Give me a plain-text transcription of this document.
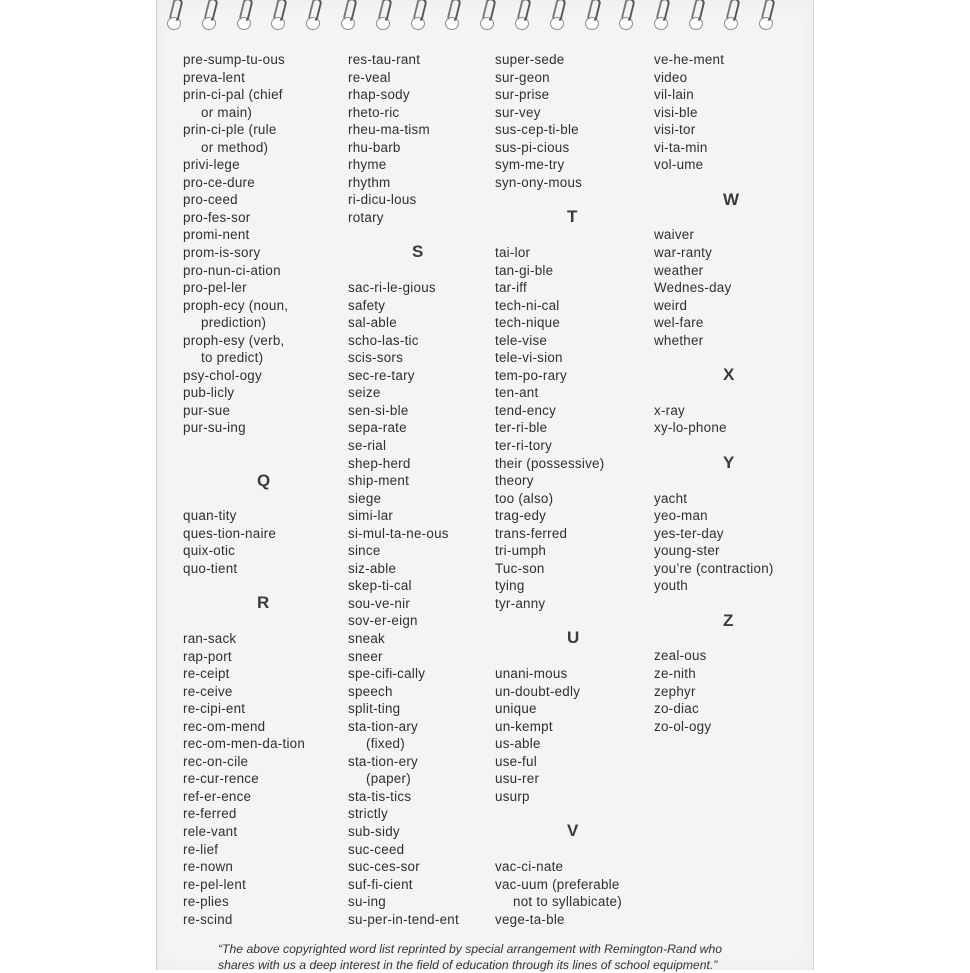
pre-sump-tu-ous
preva-lent
prin-ci-pal (chief
or main)
prin-ci-ple (rule
or method)
privi-lege
pro-ce-dure
pro-ceed
pro-fes-sor
promi-nent
prom-is-sory
pro-nun-ci-ation
pro-pel-ler
proph-ecy (noun,
prediction)
proph-esy (verb,
to predict)
psy-chol-ogy
pub-licly
pur-sue
pur-su-ing
Q
quan-tity
ques-tion-naire
quix-otic
quo-tient
R
ran-sack
rap-port
re-ceipt
re-ceive
re-cipi-ent
rec-om-mend
rec-om-men-da-tion
rec-on-cile
re-cur-rence
ref-er-ence
re-ferred
rele-vant
re-lief
re-nown
re-pel-lent
re-plies
re-scind
res-tau-rant
re-veal
rhap-sody
rheto-ric
rheu-ma-tism
rhu-barb
rhyme
rhythm
ri-dicu-lous
rotary
S
sac-ri-le-gious
safety
sal-able
scho-las-tic
scis-sors
sec-re-tary
seize
sen-si-ble
sepa-rate
se-rial
shep-herd
ship-ment
siege
simi-lar
si-mul-ta-ne-ous
since
siz-able
skep-ti-cal
sou-ve-nir
sov-er-eign
sneak
sneer
spe-cifi-cally
speech
split-ting
sta-tion-ary
(fixed)
sta-tion-ery
(paper)
sta-tis-tics
strictly
sub-sidy
suc-ceed
suc-ces-sor
suf-fi-cient
su-ing
su-per-in-tend-ent
super-sede
sur-geon
sur-prise
sur-vey
sus-cep-ti-ble
sus-pi-cious
sym-me-try
syn-ony-mous
T
tai-lor
tan-gi-ble
tar-iff
tech-ni-cal
tech-nique
tele-vise
tele-vi-sion
tem-po-rary
ten-ant
tend-ency
ter-ri-ble
ter-ri-tory
their (possessive)
theory
too (also)
trag-edy
trans-ferred
tri-umph
Tuc-son
tying
tyr-anny
U
unani-mous
un-doubt-edly
unique
un-kempt
us-able
use-ful
usu-rer
usurp
V
vac-ci-nate
vac-uum (preferable
not to syllabicate)
vege-ta-ble
ve-he-ment
video
vil-lain
visi-ble
visi-tor
vi-ta-min
vol-ume
W
waiver
war-ranty
weather
Wednes-day
weird
wel-fare
whether
X
x-ray
xy-lo-phone
Y
yacht
yeo-man
yes-ter-day
young-ster
you’re (contraction)
youth
Z
zeal-ous
ze-nith
zephyr
zo-diac
zo-ol-ogy
“The above copyrighted word list reprinted by special arrangement with Remington-Rand who
shares with us a deep interest in the field of education through its lines of school equipment.”
